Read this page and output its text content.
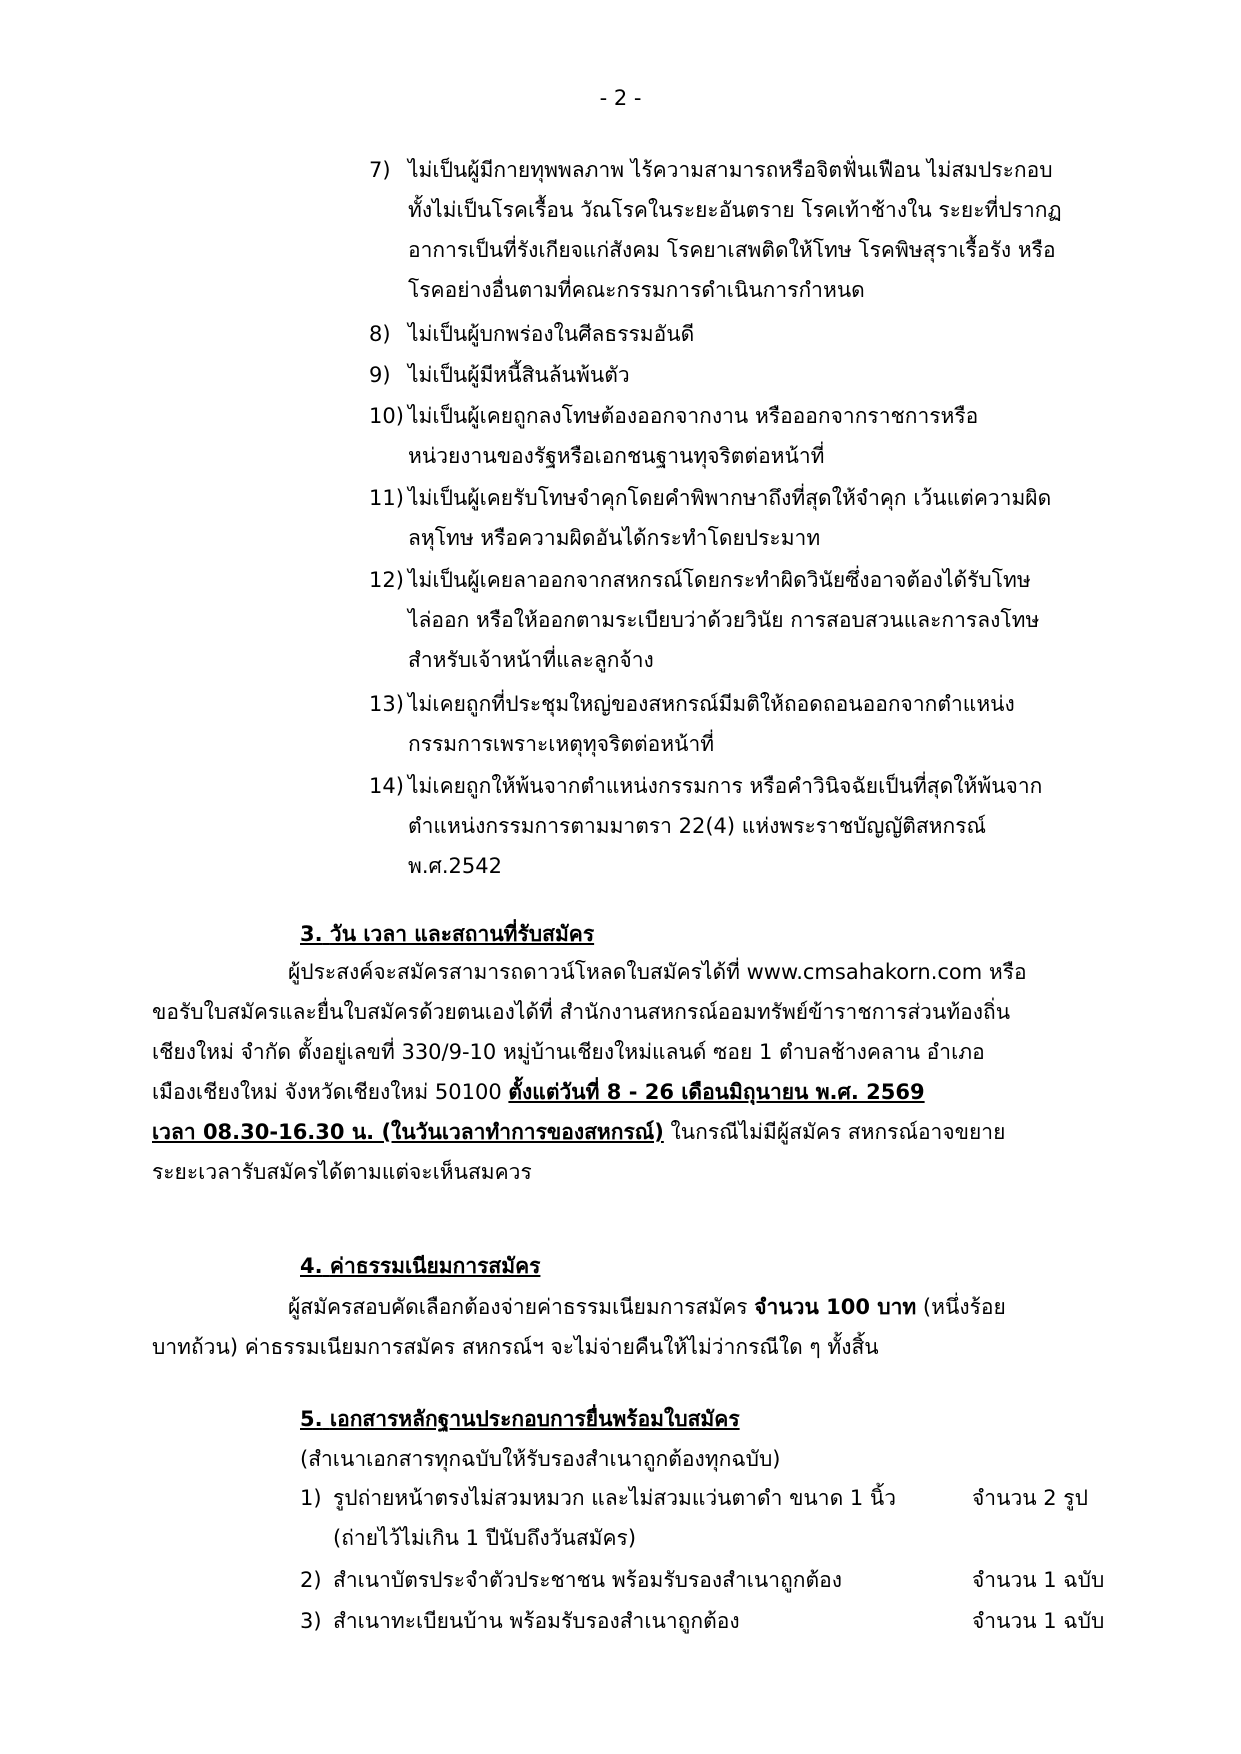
- 2 -
7) ไม่เป็นผู้มีกายทุพพลภาพ ไร้ความสามารถหรือจิตฟั่นเฟือน ไม่สมประกอบ
ทั้งไม่เป็นโรคเรื้อน วัณโรคในระยะอันตราย โรคเท้าช้างใน ระยะที่ปรากฏ
อาการเป็นที่รังเกียจแก่สังคม โรคยาเสพติดให้โทษ โรคพิษสุราเรื้อรัง หรือ
โรคอย่างอื่นตามที่คณะกรรมการดำเนินการกำหนด
8) ไม่เป็นผู้บกพร่องในศีลธรรมอันดี
9) ไม่เป็นผู้มีหนี้สินล้นพ้นตัว
10) ไม่เป็นผู้เคยถูกลงโทษต้องออกจากงาน หรือออกจากราชการหรือ
หน่วยงานของรัฐหรือเอกชนฐานทุจริตต่อหน้าที่
11) ไม่เป็นผู้เคยรับโทษจำคุกโดยคำพิพากษาถึงที่สุดให้จำคุก เว้นแต่ความผิด
ลหุโทษ หรือความผิดอันได้กระทำโดยประมาท
12) ไม่เป็นผู้เคยลาออกจากสหกรณ์โดยกระทำผิดวินัยซึ่งอาจต้องได้รับโทษ
ไล่ออก หรือให้ออกตามระเบียบว่าด้วยวินัย การสอบสวนและการลงโทษ
สำหรับเจ้าหน้าที่และลูกจ้าง
13) ไม่เคยถูกที่ประชุมใหญ่ของสหกรณ์มีมติให้ถอดถอนออกจากตำแหน่ง
กรรมการเพราะเหตุทุจริตต่อหน้าที่
14) ไม่เคยถูกให้พ้นจากตำแหน่งกรรมการ หรือคำวินิจฉัยเป็นที่สุดให้พ้นจาก
ตำแหน่งกรรมการตามมาตรา 22(4) แห่งพระราชบัญญัติสหกรณ์
พ.ศ.2542
3. วัน เวลา และสถานที่รับสมัคร
ผู้ประสงค์จะสมัครสามารถดาวน์โหลดใบสมัครได้ที่ www.cmsahakorn.com หรือ
ขอรับใบสมัครและยื่นใบสมัครด้วยตนเองได้ที่ สำนักงานสหกรณ์ออมทรัพย์ข้าราชการส่วนท้องถิ่น
เชียงใหม่ จำกัด ตั้งอยู่เลขที่ 330/9-10 หมู่บ้านเชียงใหม่แลนด์ ซอย 1 ตำบลช้างคลาน อำเภอ
เมืองเชียงใหม่ จังหวัดเชียงใหม่ 50100 ตั้งแต่วันที่ 8 - 26 เดือนมิถุนายน พ.ศ. 2569
เวลา 08.30-16.30 น. (ในวันเวลาทำการของสหกรณ์) ในกรณีไม่มีผู้สมัคร สหกรณ์อาจขยาย
ระยะเวลารับสมัครได้ตามแต่จะเห็นสมควร
4. ค่าธรรมเนียมการสมัคร
ผู้สมัครสอบคัดเลือกต้องจ่ายค่าธรรมเนียมการสมัคร จำนวน 100 บาท (หนึ่งร้อย
บาทถ้วน) ค่าธรรมเนียมการสมัคร สหกรณ์ฯ จะไม่จ่ายคืนให้ไม่ว่ากรณีใด ๆ ทั้งสิ้น
5. เอกสารหลักฐานประกอบการยื่นพร้อมใบสมัคร
(สำเนาเอกสารทุกฉบับให้รับรองสำเนาถูกต้องทุกฉบับ)
1) รูปถ่ายหน้าตรงไม่สวมหมวก และไม่สวมแว่นตาดำ ขนาด 1 นิ้ว	จำนวน 2 รูป
(ถ่ายไว้ไม่เกิน 1 ปีนับถึงวันสมัคร)
2) สำเนาบัตรประจำตัวประชาชน พร้อมรับรองสำเนาถูกต้อง	จำนวน 1 ฉบับ
3) สำเนาทะเบียนบ้าน พร้อมรับรองสำเนาถูกต้อง	จำนวน 1 ฉบับ
